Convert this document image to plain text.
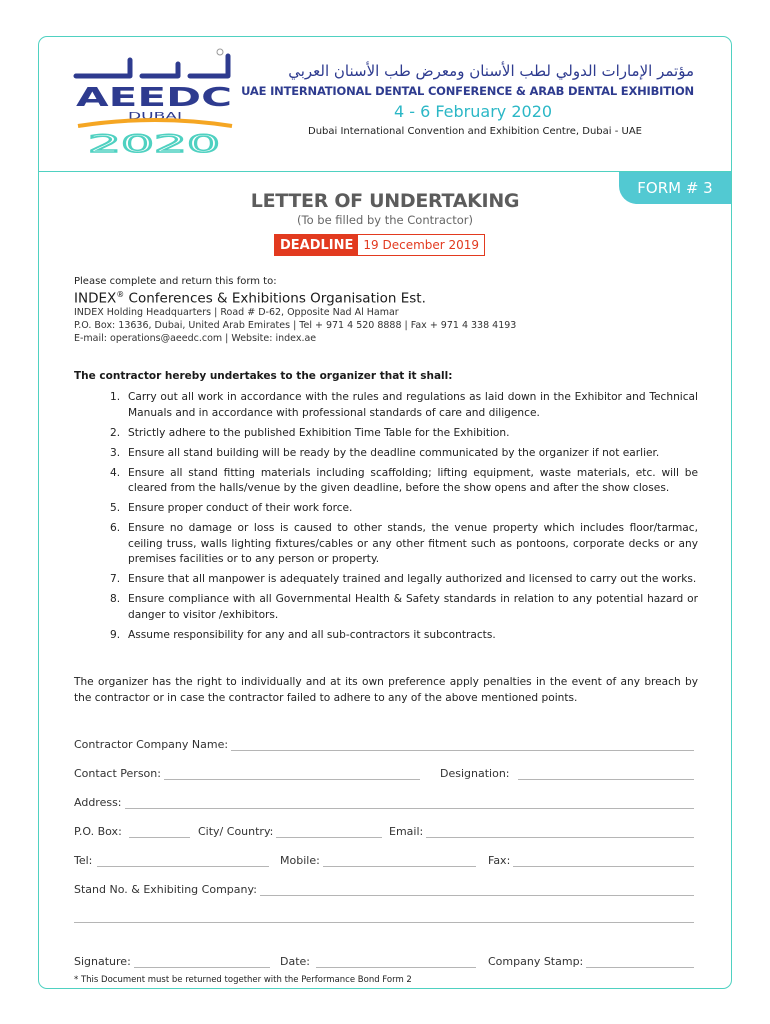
AEEDC
DUBAI
2020
مؤتمر الإمارات الدولي لطب الأسنان ومعرض طب الأسنان العربي
UAE INTERNATIONAL DENTAL CONFERENCE & ARAB DENTAL EXHIBITION
4 - 6 February 2020
Dubai International Convention and Exhibition Centre, Dubai - UAE
FORM # 3
LETTER OF UNDERTAKING
(To be filled by the Contractor)
DEADLINE 19 December 2019
Please complete and return this form to:
INDEX® Conferences & Exhibitions Organisation Est.
INDEX Holding Headquarters | Road # D-62, Opposite Nad Al Hamar
P.O. Box: 13636, Dubai, United Arab Emirates | Tel + 971 4 520 8888 | Fax + 971 4 338 4193
E-mail: operations@aeedc.com | Website: index.ae
The contractor hereby undertakes to the organizer that it shall:
1. Carry out all work in accordance with the rules and regulations as laid down in the Exhibitor and Technical Manuals and in accordance with professional standards of care and diligence.
2. Strictly adhere to the published Exhibition Time Table for the Exhibition.
3. Ensure all stand building will be ready by the deadline communicated by the organizer if not earlier.
4. Ensure all stand fitting materials including scaffolding; lifting equipment, waste materials, etc. will be cleared from the halls/venue by the given deadline, before the show opens and after the show closes.
5. Ensure proper conduct of their work force.
6. Ensure no damage or loss is caused to other stands, the venue property which includes floor/tarmac, ceiling truss, walls lighting fixtures/cables or any other fitment such as pontoons, corporate decks or any premises facilities or to any person or property.
7. Ensure that all manpower is adequately trained and legally authorized and licensed to carry out the works.
8. Ensure compliance with all Governmental Health & Safety standards in relation to any potential hazard or danger to visitor /exhibitors.
9. Assume responsibility for any and all sub-contractors it subcontracts.
The organizer has the right to individually and at its own preference apply penalties in the event of any breach by the contractor or in case the contractor failed to adhere to any of the above mentioned points.
Contractor Company Name:
Contact Person:	Designation:
Address:
P.O. Box:	City/ Country:	Email:
Tel:	Mobile:	Fax:
Stand No. & Exhibiting Company:
Signature:	Date:	Company Stamp:
* This Document must be returned together with the Performance Bond Form 2
